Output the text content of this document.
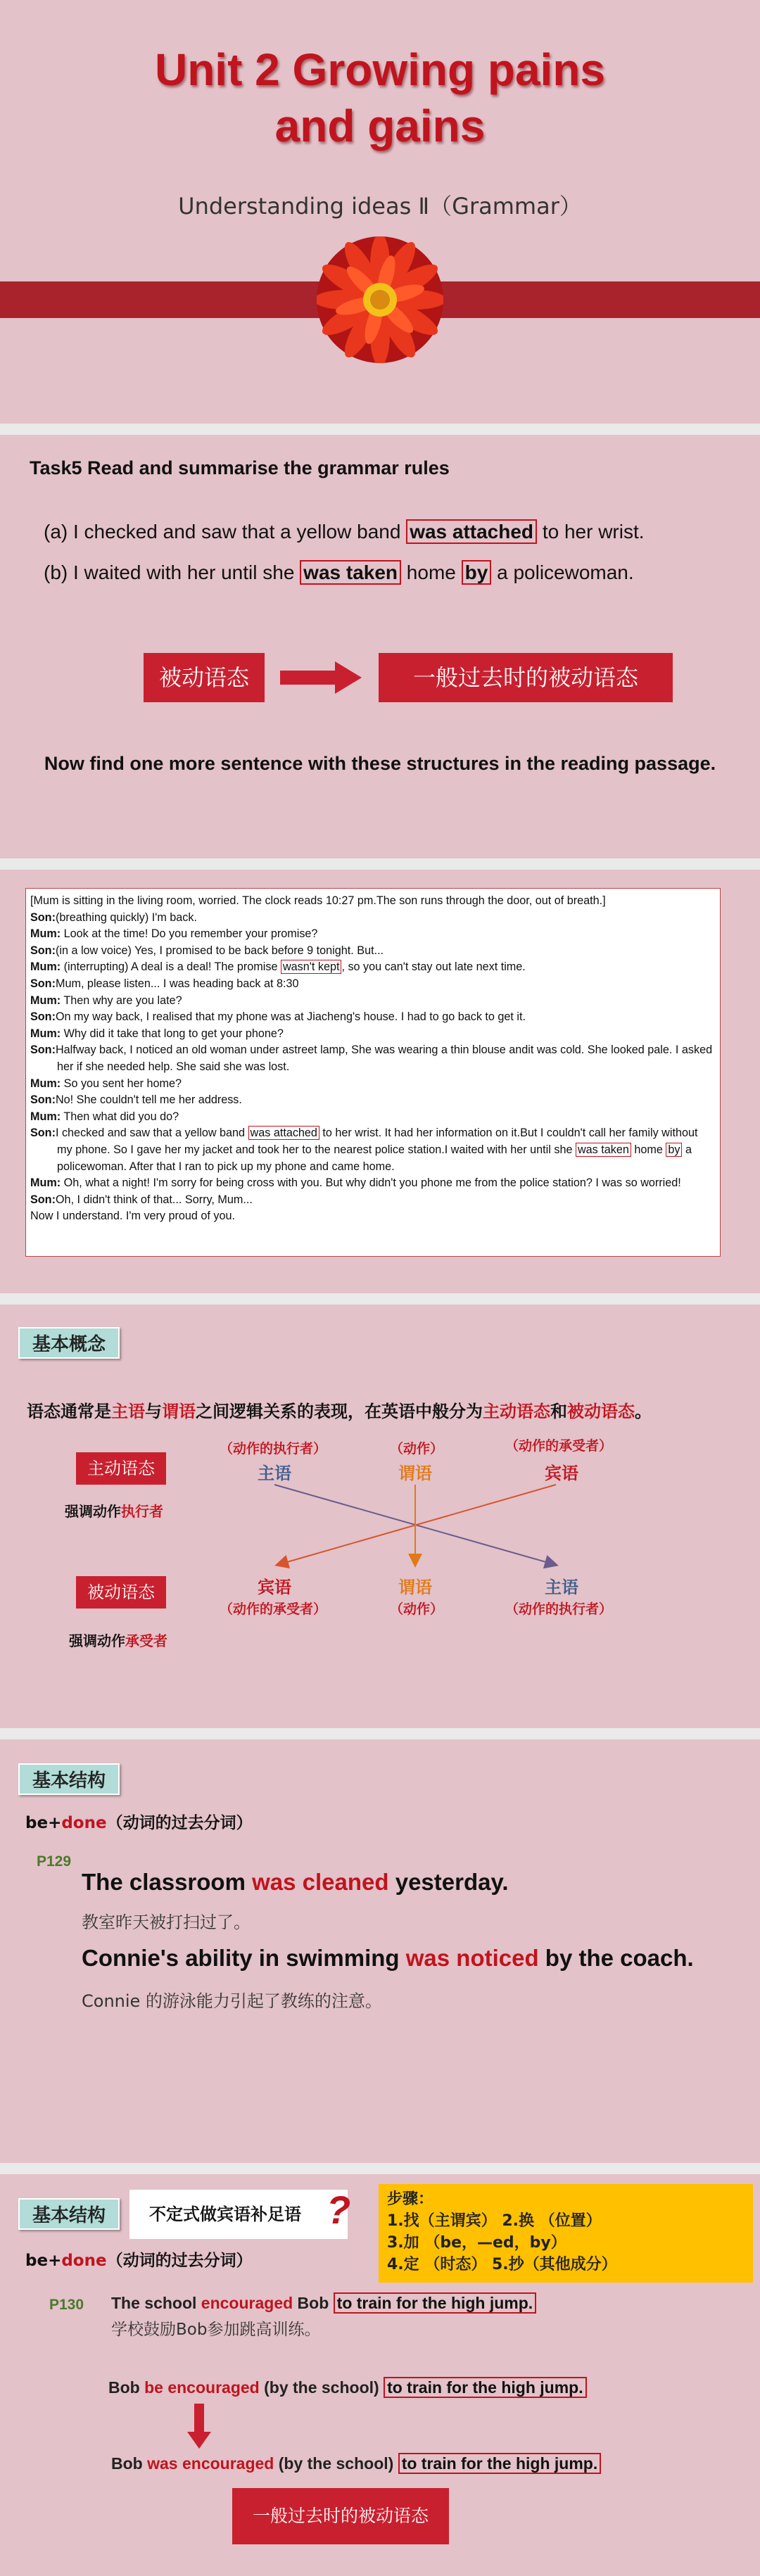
Unit 2 Growing pains
and gains
Understanding ideas Ⅱ（Grammar）
Task5 Read and summarise the grammar rules
(a) I checked and saw that a yellow band was attached to her wrist.
(b) I waited with her until she was taken home by a policewoman.
被动语态	一般过去时的被动语态
Now find one more sentence with these structures in the reading passage.
[Mum is sitting in the living room, worried. The clock reads 10:27 pm.The son runs through the door, out of breath.]
Son:(breathing quickly) I'm back.
Mum: Look at the time! Do you remember your promise?
Son:(in a low voice) Yes, I promised to be back before 9 tonight. But...
Mum: (interrupting) A deal is a deal! The promise wasn't kept , so you can't stay out late next time.
Son:Mum, please listen... I was heading back at 8:30
Mum: Then why are you late?
Son:On my way back, I realised that my phone was at Jiacheng's house. I had to go back to get it.
Mum: Why did it take that long to get your phone?
Son:Halfway back, I noticed an old woman under astreet lamp, She was wearing a thin blouse andit was cold. She looked pale. I asked her if she needed help. She said she was lost.
Mum: So you sent her home?
Son:No! She couldn't tell me her address.
Mum: Then what did you do?
Son:I checked and saw that a yellow band was attached to her wrist. It had her information on it.But I couldn't call her family without my phone. So I gave her my jacket and took her to the nearest police station.I waited with her until she was taken home by a policewoman. After that I ran to pick up my phone and came home.
Mum: Oh, what a night! I'm sorry for being cross with you. But why didn't you phone me from the police station? I was so worried!
Son:Oh, I didn't think of that... Sorry, Mum...
Now I understand. I'm very proud of you.
基本概念
语态通常是主语与谓语之间逻辑关系的表现，在英语中般分为主动语态和被动语态。
主动语态
强调动作执行者
被动语态
强调动作承受者
（动作的执行者）	（动作）	（动作的承受者）
主语	谓语	宾语
宾语	谓语	主语
（动作的承受者）	（动作）	（动作的执行者）
基本结构
be+done（动词的过去分词）
P129
The classroom was cleaned yesterday.
教室昨天被打扫过了。
Connie's ability in swimming was noticed by the coach.
Connie 的游泳能力引起了教练的注意。
基本结构	不定式做宾语补足语 ? 步骤：
1.找（主谓宾） 2.换 （位置）
3.加 （be，—ed，by）
4.定 （时态） 5.抄（其他成分）
be+done（动词的过去分词）
P130 The school encouraged Bob to train for the high jump.
学校鼓励Bob参加跳高训练。
Bob be encouraged (by the school) to train for the high jump.
Bob was encouraged (by the school) to train for the high jump.
一般过去时的被动语态
